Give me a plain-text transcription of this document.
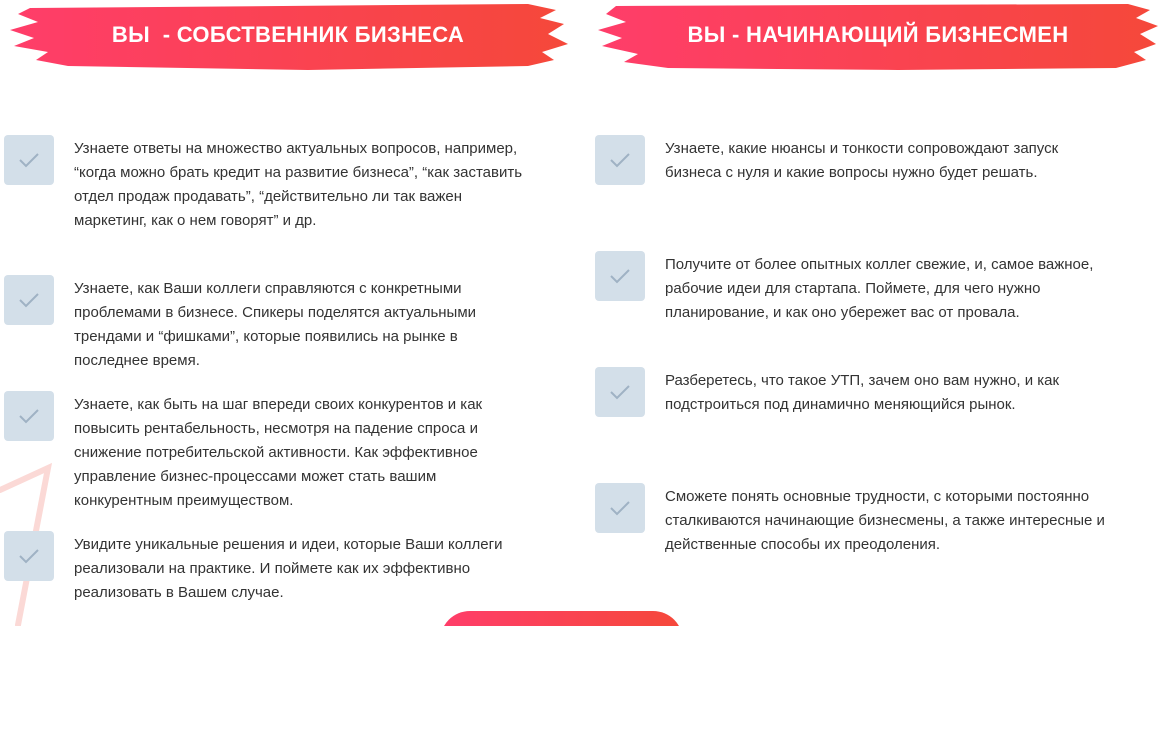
ВЫ  - СОБСТВЕННИК БИЗНЕСА	ВЫ - НАЧИНАЮЩИЙ БИЗНЕСМЕН
Узнаете ответы на множество актуальных вопросов, например, “когда можно брать кредит на развитие бизнеса”, “как заставить отдел продаж продавать”, “действительно ли так важен маркетинг, как о нем говорят” и др.
Узнаете, как Ваши коллеги справляются с конкретными проблемами в бизнесе. Спикеры поделятся актуальными трендами и “фишками”, которые появились на рынке в последнее время.
Узнаете, как быть на шаг впереди своих конкурентов и как повысить рентабельность, несмотря на падение спроса и снижение потребительской активности. Как эффективное управление бизнес-процессами может стать вашим конкурентным преимуществом.
Увидите уникальные решения и идеи, которые Ваши коллеги реализовали на практике. И поймете как их эффективно реализовать в Вашем случае.
Узнаете, какие нюансы и тонкости сопровождают запуск бизнеса с нуля и какие вопросы нужно будет решать.
Получите от более опытных коллег свежие, и, самое важное, рабочие идеи для стартапа. Поймете, для чего нужно планирование, и как оно убережет вас от провала.
Разберетесь, что такое УТП, зачем оно вам нужно, и как подстроиться под динамично меняющийся рынок.
Сможете понять основные трудности, с которыми постоянно сталкиваются начинающие бизнесмены, а также интересные и действенные способы их преодоления.
